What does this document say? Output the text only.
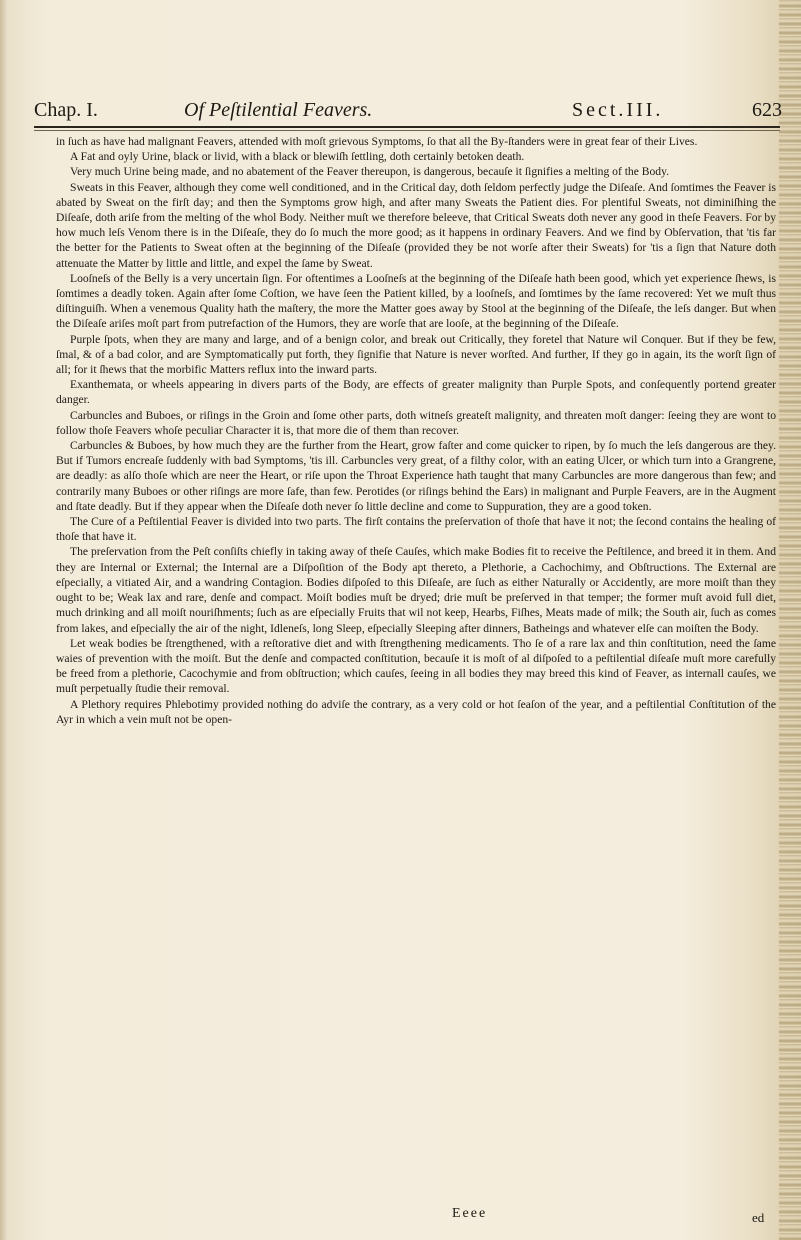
Chap. I.	Of Peſtilential Feavers.	Sect.III.	623

in ſuch as have had malignant Feavers, attended with moſt grievous Symptoms, ſo that all the By-ſtanders were in great fear of their Lives.

A Fat and oyly Urine, black or livid, with a black or blewiſh ſettling, doth certainly betoken death.

Very much Urine being made, and no abatement of the Feaver thereupon, is dangerous, becauſe it ſignifies a melting of the Body.

Sweats in this Feaver, although they come well conditioned, and in the Critical day, doth ſeldom perfectly judge the Diſeaſe. And ſomtimes the Feaver is abated by Sweat on the firſt day; and then the Symptoms grow high, and after many Sweats the Patient dies. For plentiful Sweats, not diminiſhing the Diſeaſe, doth ariſe from the melting of the whol Body. Neither muſt we therefore beleeve, that Critical Sweats doth never any good in theſe Feavers. For by how much leſs Venom there is in the Diſeaſe, they do ſo much the more good; as it happens in ordinary Feavers. And we find by Obſervation, that 'tis far the better for the Patients to Sweat often at the beginning of the Diſeaſe (provided they be not worſe after their Sweats) for 'tis a ſign that Nature doth attenuate the Matter by little and little, and expel the ſame by Sweat.

Looſneſs of the Belly is a very uncertain ſign. For oftentimes a Looſneſs at the beginning of the Diſeaſe hath been good, which yet experience ſhews, is ſomtimes a deadly token. Again after ſome Coſtion, we have ſeen the Patient killed, by a looſneſs, and ſomtimes by the ſame recovered: Yet we muſt thus diſtinguiſh. When a venemous Quality hath the maſtery, the more the Matter goes away by Stool at the beginning of the Diſeaſe, the leſs danger. But when the Diſeaſe ariſes moſt part from putrefaction of the Humors, they are worſe that are looſe, at the beginning of the Diſeaſe.

Purple ſpots, when they are many and large, and of a benign color, and break out Critically, they foretel that Nature wil Conquer. But if they be few, ſmal, & of a bad color, and are Symptomatically put forth, they ſignifie that Nature is never worſted. And further, If they go in again, its the worſt ſign of all; for it ſhews that the morbific Matters reflux into the inward parts.

Exanthemata, or wheels appearing in divers parts of the Body, are effects of greater malignity than Purple Spots, and conſequently portend greater danger.

Carbuncles and Buboes, or riſings in the Groin and ſome other parts, doth witneſs greateſt malignity, and threaten moſt danger: ſeeing they are wont to follow thoſe Feavers whoſe peculiar Character it is, that more die of them than recover.

Carbuncles & Buboes, by how much they are the further from the Heart, grow faſter and come quicker to ripen, by ſo much the leſs dangerous are they. But if Tumors encreaſe ſuddenly with bad Symptoms, 'tis ill. Carbuncles very great, of a filthy color, with an eating Ulcer, or which turn into a Grangrene, are deadly: as alſo thoſe which are neer the Heart, or riſe upon the Throat Experience hath taught that many Carbuncles are more dangerous than few; and contrarily many Buboes or other riſings are more ſafe, than few. Perotides (or riſings behind the Ears) in malignant and Purple Feavers, are in the Augment and ſtate deadly. But if they appear when the Diſeaſe doth never ſo little decline and come to Suppuration, they are a good token.

The Cure of a Peſtilential Feaver is divided into two parts. The firſt contains the preſervation of thoſe that have it not; the ſecond contains the healing of thoſe that have it.

The preſervation from the Peſt conſiſts chiefly in taking away of theſe Cauſes, which make Bodies fit to receive the Peſtilence, and breed it in them. And they are Internal or External; the Internal are a Diſpoſition of the Body apt thereto, a Plethorie, a Cachochimy, and Obſtructions. The External are eſpecially, a vitiated Air, and a wandring Contagion. Bodies diſpoſed to this Diſeaſe, are ſuch as either Naturally or Accidently, are more moiſt than they ought to be; Weak lax and rare, denſe and compact. Moiſt bodies muſt be dryed; drie muſt be preſerved in that temper; the former muſt avoid full diet, much drinking and all moiſt nouriſhments; ſuch as are eſpecially Fruits that wil not keep, Hearbs, Fiſhes, Meats made of milk; the South air, ſuch as comes from lakes, and eſpecially the air of the night, Idleneſs, long Sleep, eſpecially Sleeping after dinners, Batheings and whatever elſe can moiſten the Body.

Let weak bodies be ſtrengthened, with a reſtorative diet and with ſtrengthening medicaments. Tho ſe of a rare lax and thin conſtitution, need the ſame waies of prevention with the moiſt. But the denſe and compacted conſtitution, becauſe it is moſt of al diſpoſed to a peſtilential diſeaſe muſt more carefully be freed from a plethorie, Cacochymie and from obſtruction; which cauſes, ſeeing in all bodies they may breed this kind of Feaver, as internall cauſes, we muſt perpetually ſtudie their removal.

A Plethory requires Phlebotimy provided nothing do adviſe the contrary, as a very cold or hot ſeaſon of the year, and a peſtilential Conſtitution of the Ayr in which a vein muſt not be open-

Eeee	ed
